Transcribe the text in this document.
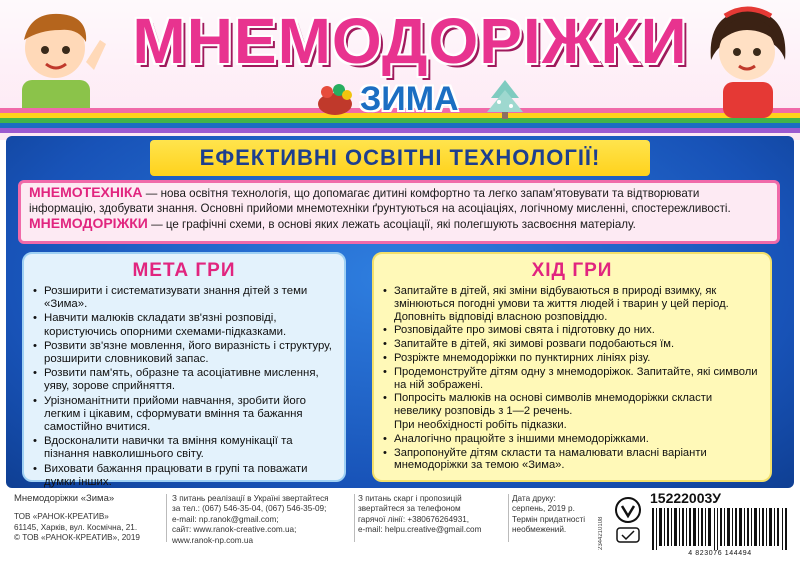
МНЕМОДОРІЖКИ
ЗИМА
ЕФЕКТИВНІ ОСВІТНІ ТЕХНОЛОГІЇ!

МНЕМОТЕХНІКА — нова освітня технологія, що допомагає дитині комфортно та легко запам'ятовувати та відтворювати інформацію, здобувати знання. Основні прийоми мнемотехніки ґрунтуються на асоціаціях, логічному мисленні, спостережливості.

МНЕМОДОРІЖКИ — це графічні схеми, в основі яких лежать асоціації, які полегшують засвоєння матеріалу.

МЕТА ГРИ
• Розширити і систематизувати знання дітей з теми «Зима».
• Навчити малюків складати зв'язні розповіді, користуючись опорними схемами-підказками.
• Розвити зв'язне мовлення, його виразність і структуру, розширити словниковий запас.
• Розвити пам'ять, образне та асоціативне мислення, уяву, зорове сприйняття.
• Урізноманітнити прийоми навчання, зробити його легким і цікавим, сформувати вміння та бажання самостійно вчитися.
• Вдосконалити навички та вміння комунікації та пізнання навколишнього світу.
• Виховати бажання працювати в групі та поважати думки інших.
ХІД ГРИ
• Запитайте в дітей, які зміни відбуваються в природі взимку, як змінюються погодні умови та життя людей і тварин у цей період. Доповніть відповіді власною розповіддю.
• Розповідайте про зимові свята і підготовку до них.
• Запитайте в дітей, які зимові розваги подобаються їм.
• Розріжте мнемодоріжки по пунктирних лініях різу.
• Продемонструйте дітям одну з мнемодоріжок. Запитайте, які символи на ній зображені.
• Попросіть малюків на основі символів мнемодоріжки скласти невелику розповідь з 1—2 речень.
При необхідності робіть підказки.
• Аналогічно працюйте з іншими мнемодоріжками.
• Запропонуйте дітям скласти та намалювати власні варіанти мнемодоріжки за темою «Зима».
Мнемодоріжки «Зима»
ТОВ «РАНОК-КРЕАТИВ»
61145, Харків, вул. Космічна, 21.
© ТОВ «РАНОК-КРЕАТИВ», 2019
З питань реалізації в Україні звертайтеся
за тел.: (067) 546-35-04, (067) 546-35-09;
e-mail: np.ranok@gmail.com;
сайт: www.ranok-creative.com.ua;
www.ranok-np.com.ua
З питань скарг і пропозицій
звертайтеся за телефоном
гарячої лінії: +380676264931,
e-mail: helpu.creative@gmail.com
Дата друку:
серпень, 2019 р.
Термін придатності
необмежений.	2344210108
15222003У
4 823076 144494
